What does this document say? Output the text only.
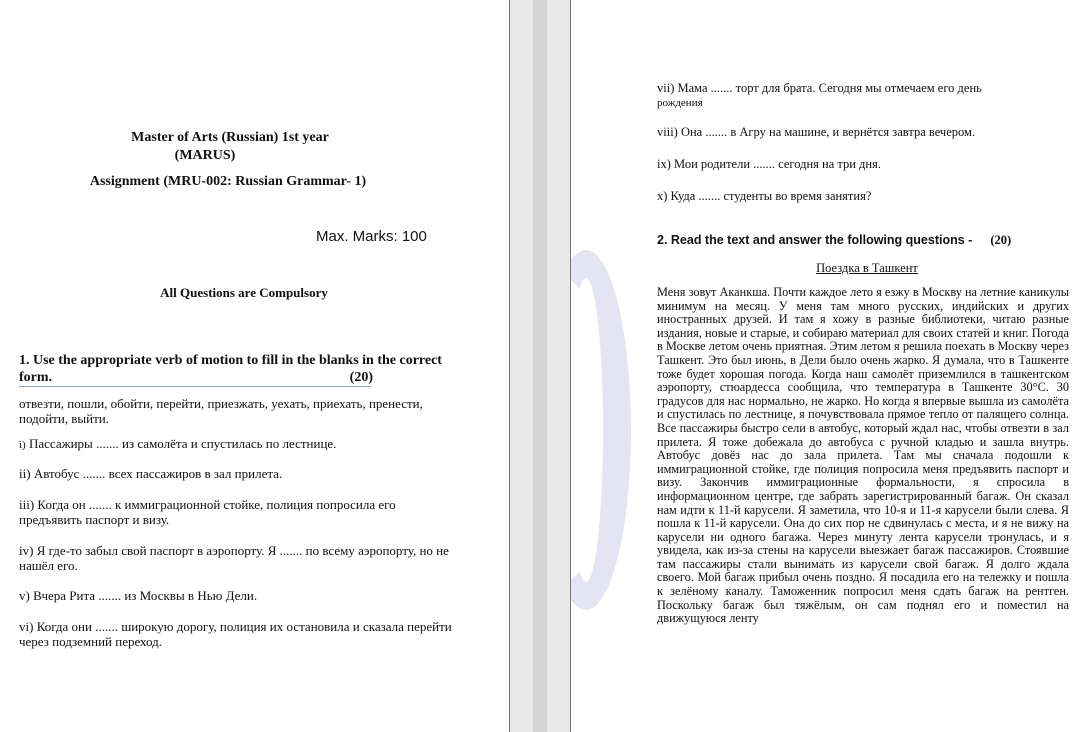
Master of Arts (Russian) 1st year
(MARUS)
Assignment (MRU-002: Russian Grammar- 1)
Max. Marks: 100
All Questions are Compulsory
1. Use the appropriate verb of motion to fill in the blanks in the correct form.	(20)
отвезти, пошли, обойти, перейти, приезжать, уехать, приехать, пренести, подойти, выйти.
i) Пассажиры ....... из самолёта и спустилась по лестнице.
ii) Автобус ....... всех пассажиров в зал прилета.
iii) Когда он ....... к иммиграционной стойке, полиция попросила его предъявить паспорт и визу.
iv) Я где-то забыл свой паспорт в аэропорту. Я ....... по всему аэропорту, но не нашёл его.
v) Вчера Рита ....... из Москвы в Нью Дели.
vi) Когда они ....... широкую дорогу, полиция их остановила и сказала перейти через подземний переход.
vii) Мама ....... торт для брата. Сегодня мы отмечаем его день
рождения
viii) Она ....... в Агру на машине, и вернётся завтра вечером.
ix) Мои родители ....... сегодня на три дня.
x) Куда ....... студенты во время занятия?
2. Read the text and answer the following questions - (20)
Поездка в Ташкент
Меня зовут Аканкша. Почти каждое лето я езжу в Москву на летние каникулы минимум на месяц. У меня там много русских, индийских и других иностранных друзей. И там я хожу в разные библиотеки, читаю разные издания, новые и старые, и собираю материал для своих статей и книг. Погода в Москве летом очень приятная. Этим летом я решила поехать в Москву через Ташкент. Это был июнь, в Дели было очень жарко. Я думала, что в Ташкенте тоже будет хорошая погода. Когда наш самолёт приземлился в ташкентском аэропорту, стюардесса сообщила, что температура в Ташкенте 30°С. 30 градусов для нас нормально, не жарко. Но когда я впервые вышла из самолёта и спустилась по лестнице, я почувствовала прямое тепло от палящего солнца. Все пассажиры быстро сели в автобус, который ждал нас, чтобы отвезти в зал прилета. Я тоже добежала до автобуса с ручной кладью и зашла внутрь. Автобус довёз нас до зала прилета. Там мы сначала подошли к иммиграционной стойке, где полиция попросила меня предъявить паспорт и визу. Закончив иммиграционные формальности, я спросила в информационном центре, где забрать зарегистрированный багаж. Он сказал нам идти к 11-й карусели. Я заметила, что 10-я и 11-я карусели были слева. Я пошла к 11-й карусели. Она до сих пор не сдвинулась с места, и я не вижу на карусели ни одного багажа. Через минуту лента карусели тронулась, и я увидела, как из-за стены на карусели выезжает багаж пассажиров. Стоявшие там пассажиры стали вынимать из карусели свой багаж. Я долго ждала своего. Мой багаж прибыл очень поздно. Я посадила его на тележку и пошла к зелёному каналу. Таможенник попросил меня сдать багаж на рентген. Поскольку багаж был тяжёлым, он сам поднял его и поместил на движущуюся ленту
